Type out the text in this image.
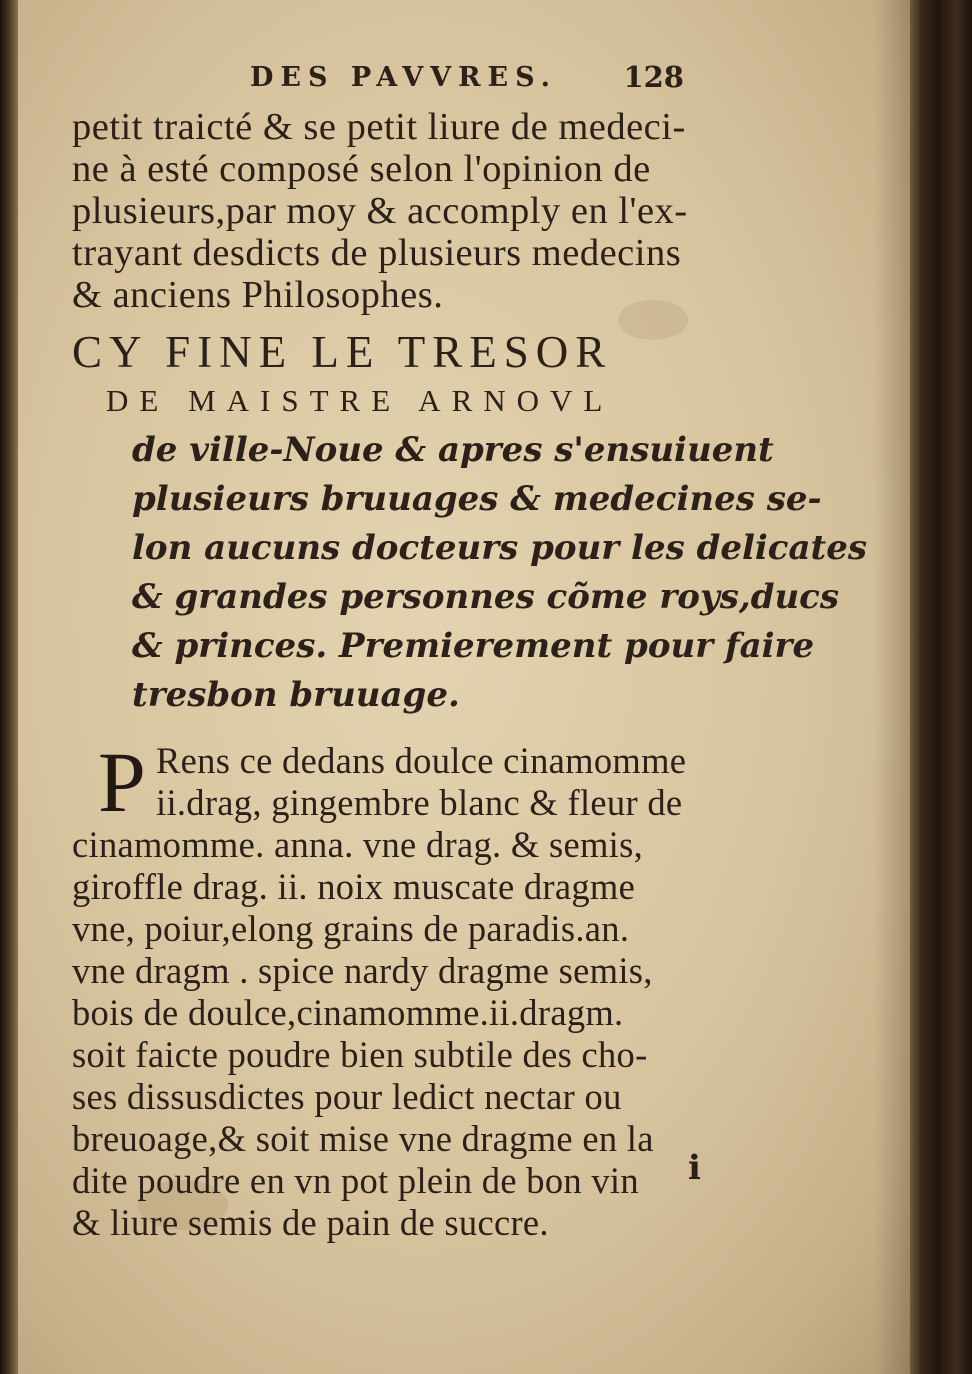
DES PAVVRES. 128
petit traicté & se petit liure de medeci-
ne à esté composé selon l'opinion de
plusieurs,par moy & accomply en l'ex-
trayant desdicts de plusieurs medecins
& anciens Philosophes.
CY FINE LE TRESOR
DE MAISTRE ARNOVL
de ville-Noue & apres s'ensuiuent
plusieurs bruuages & medecines se-
lon aucuns docteurs pour les delicates
& grandes personnes cõme roys,ducs
& princes. Premierement pour faire
tresbon bruuage.
P Rens ce dedans doulce cinamomme
ii.drag, gingembre blanc & fleur de
cinamomme. anna. vne drag. & semis,
giroffle drag. ii. noix muscate dragme
vne, poiur,elong grains de paradis.an.
vne dragm . spice nardy dragme semis,
bois de doulce,cinamomme.ii.dragm.
soit faicte poudre bien subtile des cho-
ses dissusdictes pour ledict nectar ou
breuoage,& soit mise vne dragme en la
dite poudre en vn pot plein de bon vin
& liure semis de pain de succre.
i
